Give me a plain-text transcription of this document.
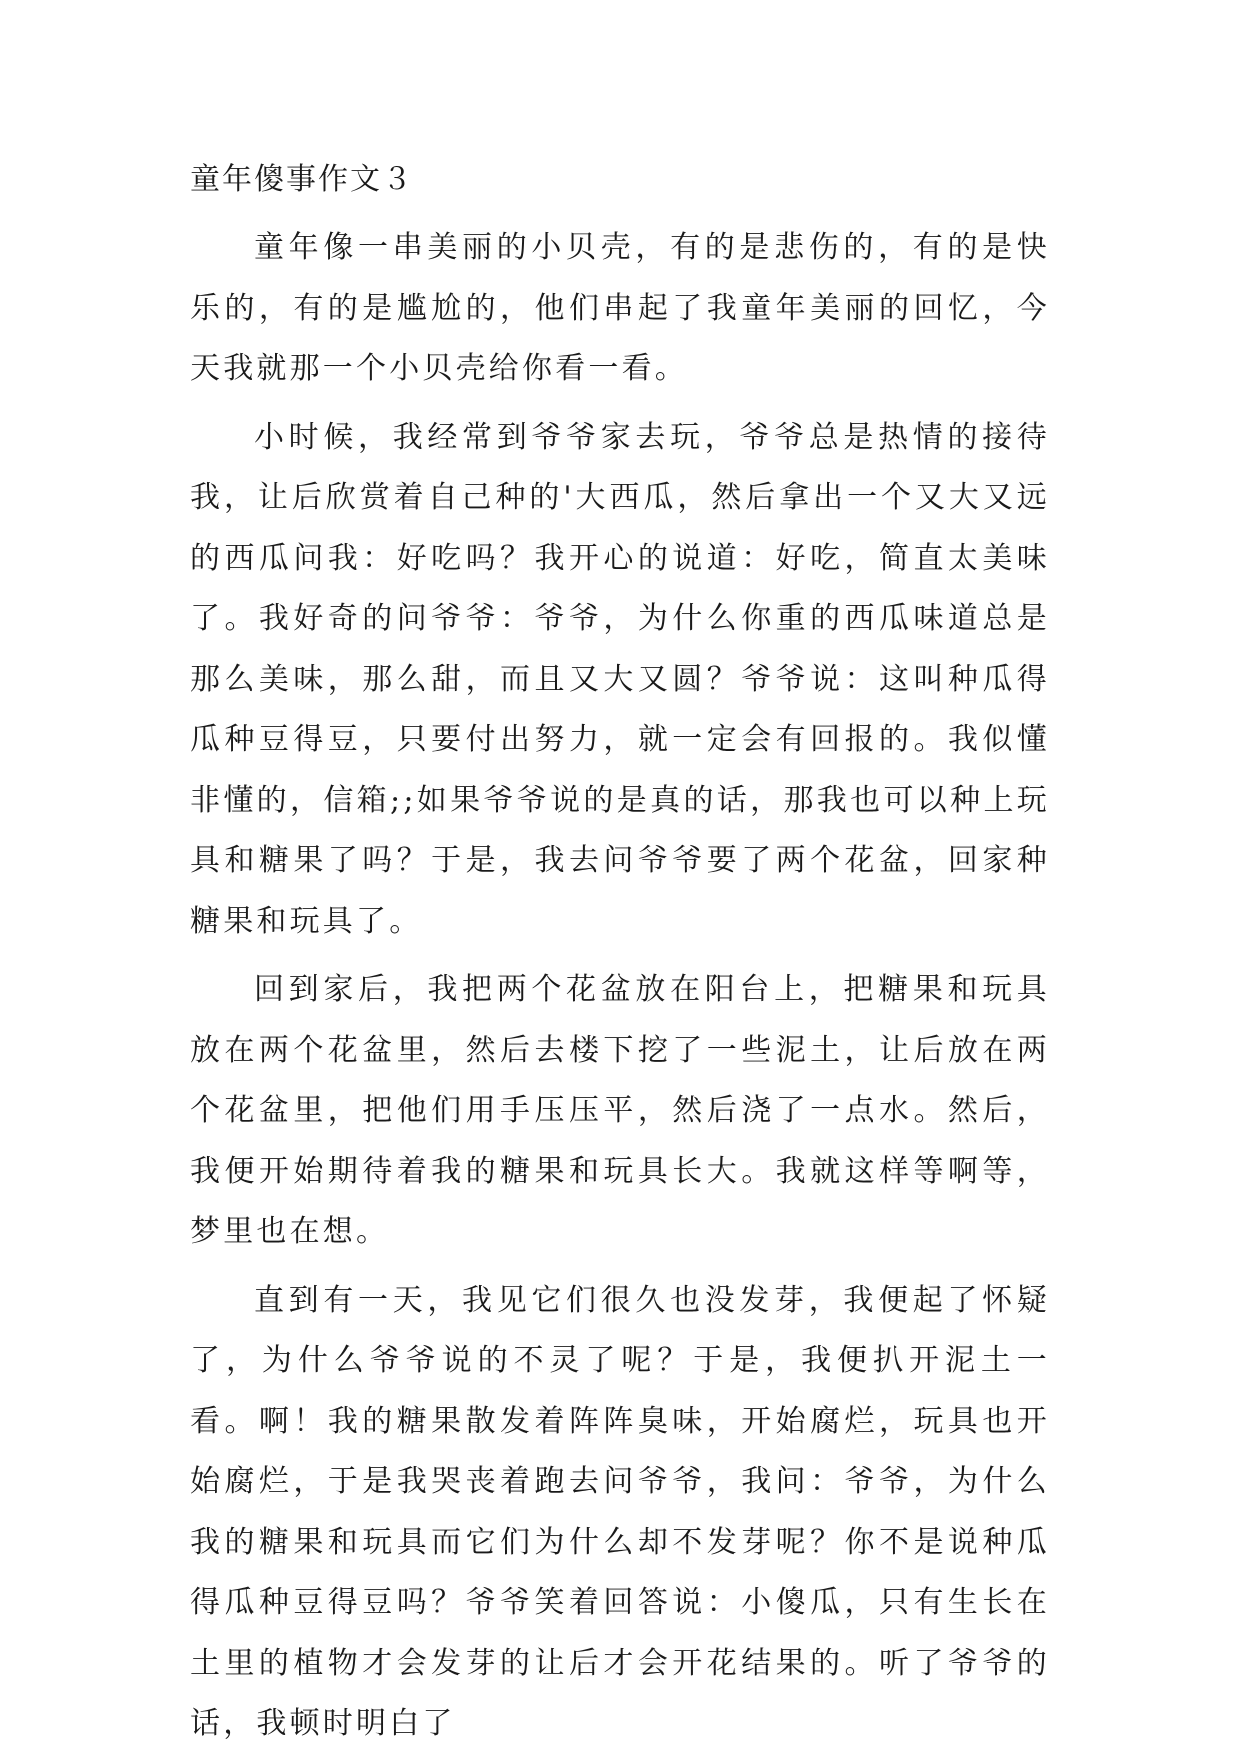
童年傻事作文３

童年像一串美丽的小贝壳，有的是悲伤的，有的是快乐的，有的是尴尬的，他们串起了我童年美丽的回忆，今天我就那一个小贝壳给你看一看。

小时候，我经常到爷爷家去玩，爷爷总是热情的接待我，让后欣赏着自己种的'大西瓜，然后拿出一个又大又远的西瓜问我：好吃吗？我开心的说道：好吃，简直太美味了。我好奇的问爷爷：爷爷，为什么你重的西瓜味道总是那么美味，那么甜，而且又大又圆？爷爷说：这叫种瓜得瓜种豆得豆，只要付出努力，就一定会有回报的。我似懂非懂的，信箱;;如果爷爷说的是真的话，那我也可以种上玩具和糖果了吗？于是，我去问爷爷要了两个花盆，回家种糖果和玩具了。

回到家后，我把两个花盆放在阳台上，把糖果和玩具放在两个花盆里，然后去楼下挖了一些泥土，让后放在两个花盆里，把他们用手压压平，然后浇了一点水。然后，我便开始期待着我的糖果和玩具长大。我就这样等啊等，梦里也在想。

直到有一天，我见它们很久也没发芽，我便起了怀疑了，为什么爷爷说的不灵了呢？于是，我便扒开泥土一看。啊！我的糖果散发着阵阵臭味，开始腐烂，玩具也开始腐烂，于是我哭丧着跑去问爷爷，我问：爷爷，为什么我的糖果和玩具而它们为什么却不发芽呢？你不是说种瓜得瓜种豆得豆吗？爷爷笑着回答说：小傻瓜，只有生长在土里的植物才会发芽的让后才会开花结果的。听了爷爷的话，我顿时明白了
